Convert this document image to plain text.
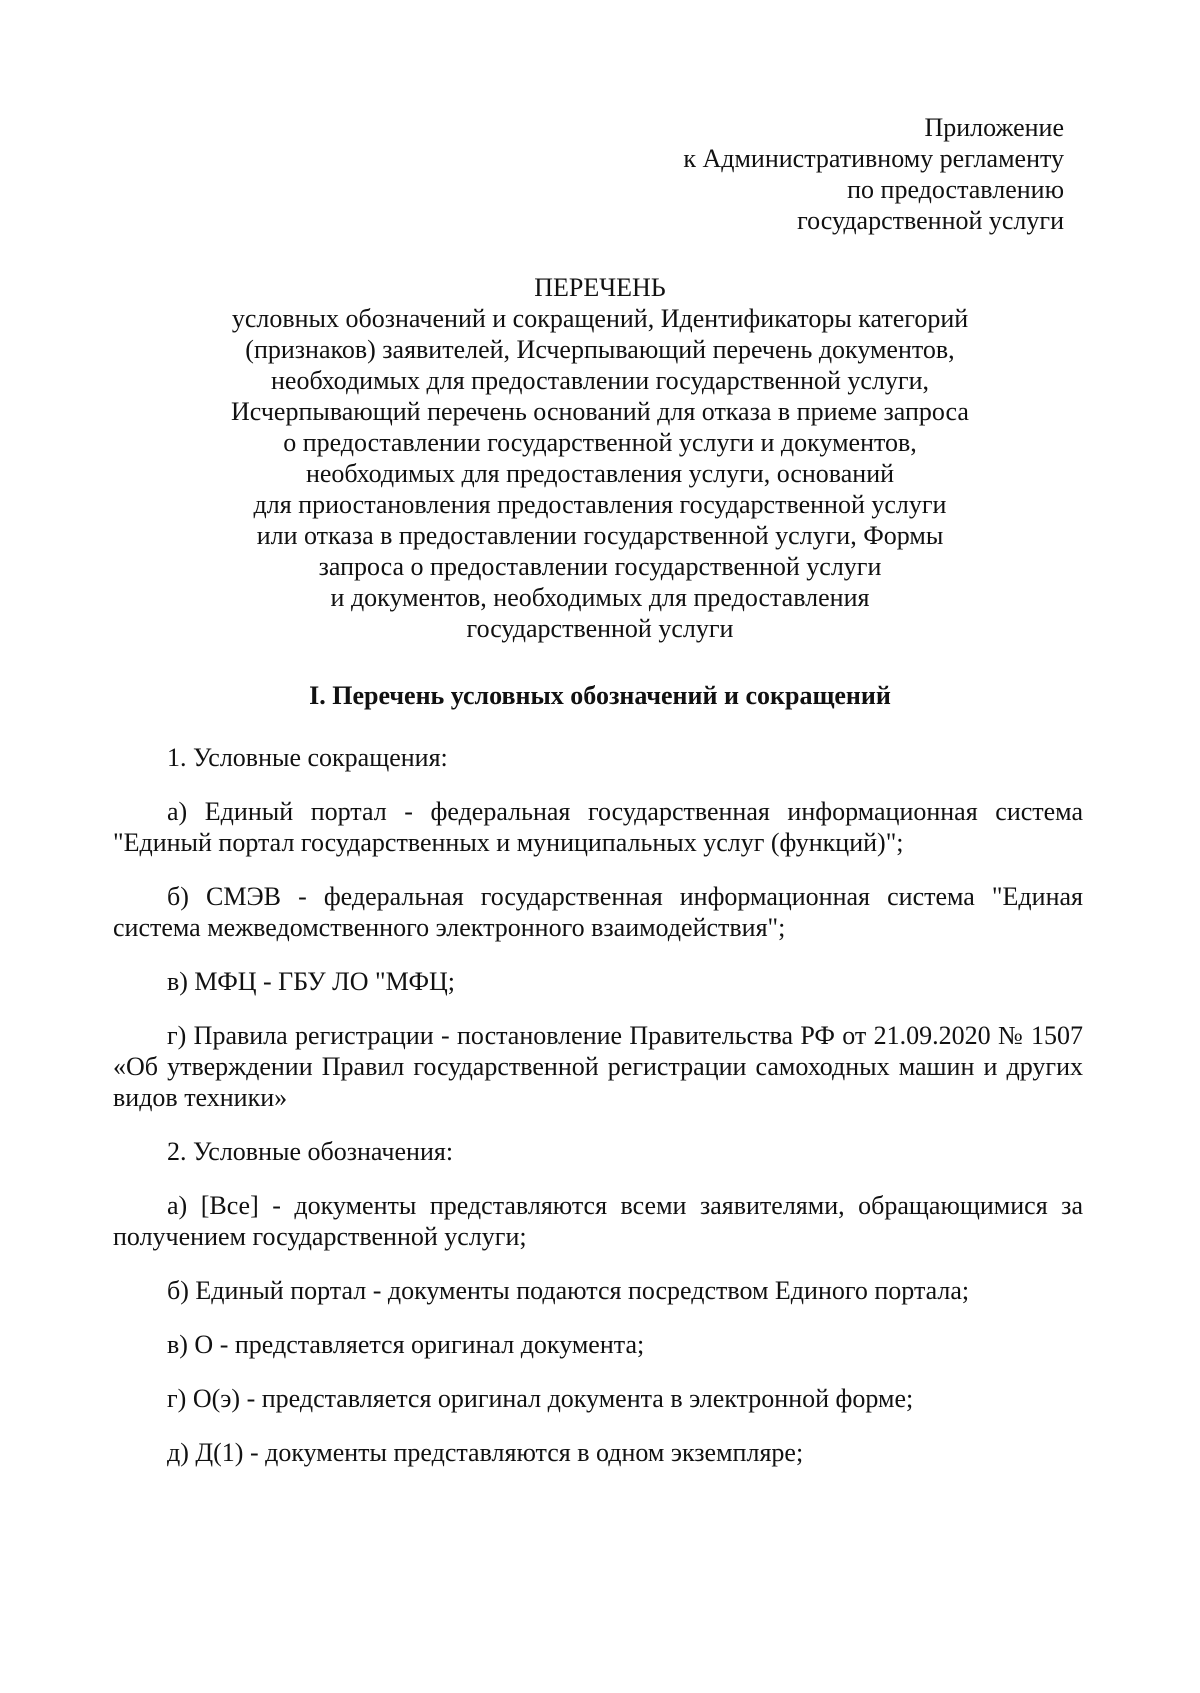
Приложение
к Административному регламенту
по предоставлению
государственной услуги
ПЕРЕЧЕНЬ
условных обозначений и сокращений, Идентификаторы категорий
(признаков) заявителей, Исчерпывающий перечень документов,
необходимых для предоставлении государственной услуги,
Исчерпывающий перечень оснований для отказа в приеме запроса
о предоставлении государственной услуги и документов,
необходимых для предоставления услуги, оснований
для приостановления предоставления государственной услуги
или отказа в предоставлении государственной услуги, Формы
запроса о предоставлении государственной услуги
и документов, необходимых для предоставления
государственной услуги
I. Перечень условных обозначений и сокращений

1. Условные сокращения:

а) Единый портал - федеральная государственная информационная система "Единый портал государственных и муниципальных услуг (функций)";

б) СМЭВ - федеральная государственная информационная система "Единая система межведомственного электронного взаимодействия";

в) МФЦ - ГБУ ЛО "МФЦ;

г) Правила регистрации - постановление Правительства РФ от 21.09.2020 № 1507 «Об утверждении Правил государственной регистрации самоходных машин и других видов техники»

2. Условные обозначения:

а) [Все] - документы представляются всеми заявителями, обращающимися за получением государственной услуги;

б) Единый портал - документы подаются посредством Единого портала;

в) О - представляется оригинал документа;

г) О(э) - представляется оригинал документа в электронной форме;

д) Д(1) - документы представляются в одном экземпляре;
